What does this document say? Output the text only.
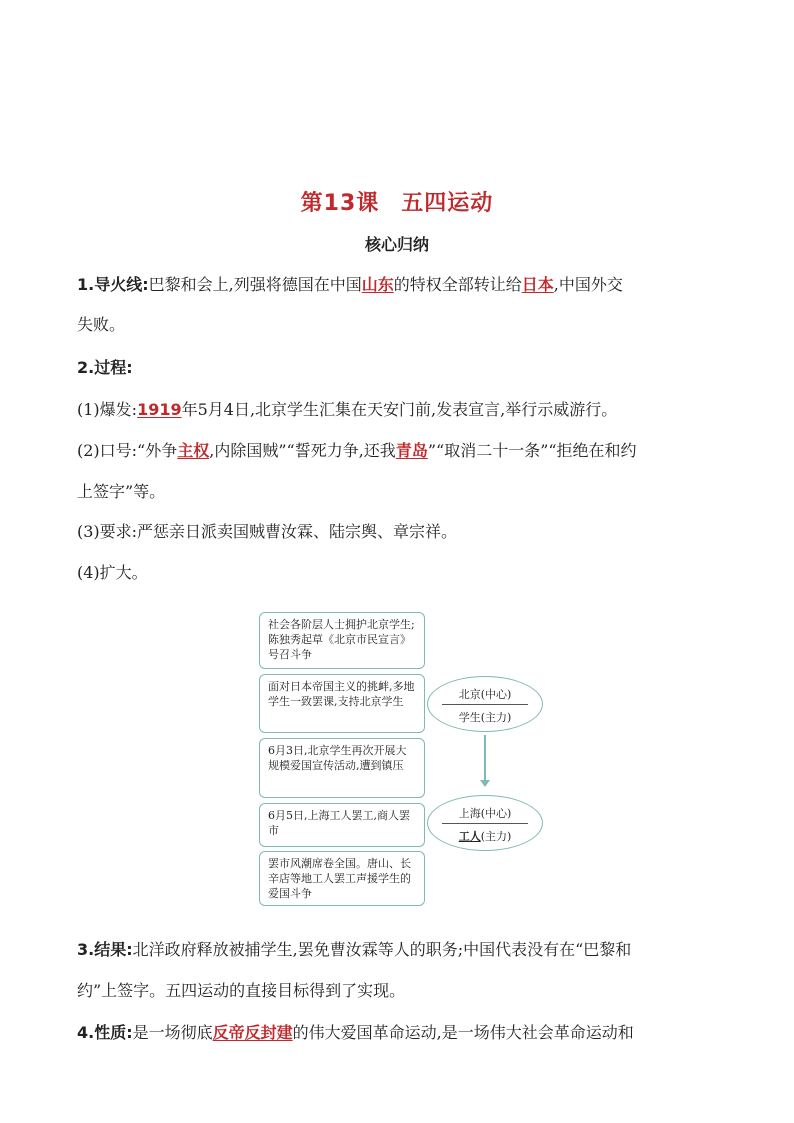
第13课 五四运动
核心归纳
1.导火线:巴黎和会上,列强将德国在中国山东的特权全部转让给日本,中国外交
失败。
2.过程:
(1)爆发:1919年5月4日,北京学生汇集在天安门前,发表宣言,举行示威游行。
(2)口号:“外争主权,内除国贼”“誓死力争,还我青岛”“取消二十一条”“拒绝在和约
上签字”等。
(3)要求:严惩亲日派卖国贼曹汝霖、陆宗舆、章宗祥。
(4)扩大。
社会各阶层人士拥护北京学生;陈独秀起草《北京市民宣言》号召斗争
面对日本帝国主义的挑衅,多地学生一致罢课,支持北京学生
6月3日,北京学生再次开展大规模爱国宣传活动,遭到镇压
6月5日,上海工人罢工,商人罢市
罢市风潮席卷全国。唐山、长辛店等地工人罢工声援学生的爱国斗争
北京(中心)
学生(主力)
上海(中心)
工人(主力)
3.结果:北洋政府释放被捕学生,罢免曹汝霖等人的职务;中国代表没有在“巴黎和
约”上签字。五四运动的直接目标得到了实现。
4.性质:是一场彻底反帝反封建的伟大爱国革命运动,是一场伟大社会革命运动和
